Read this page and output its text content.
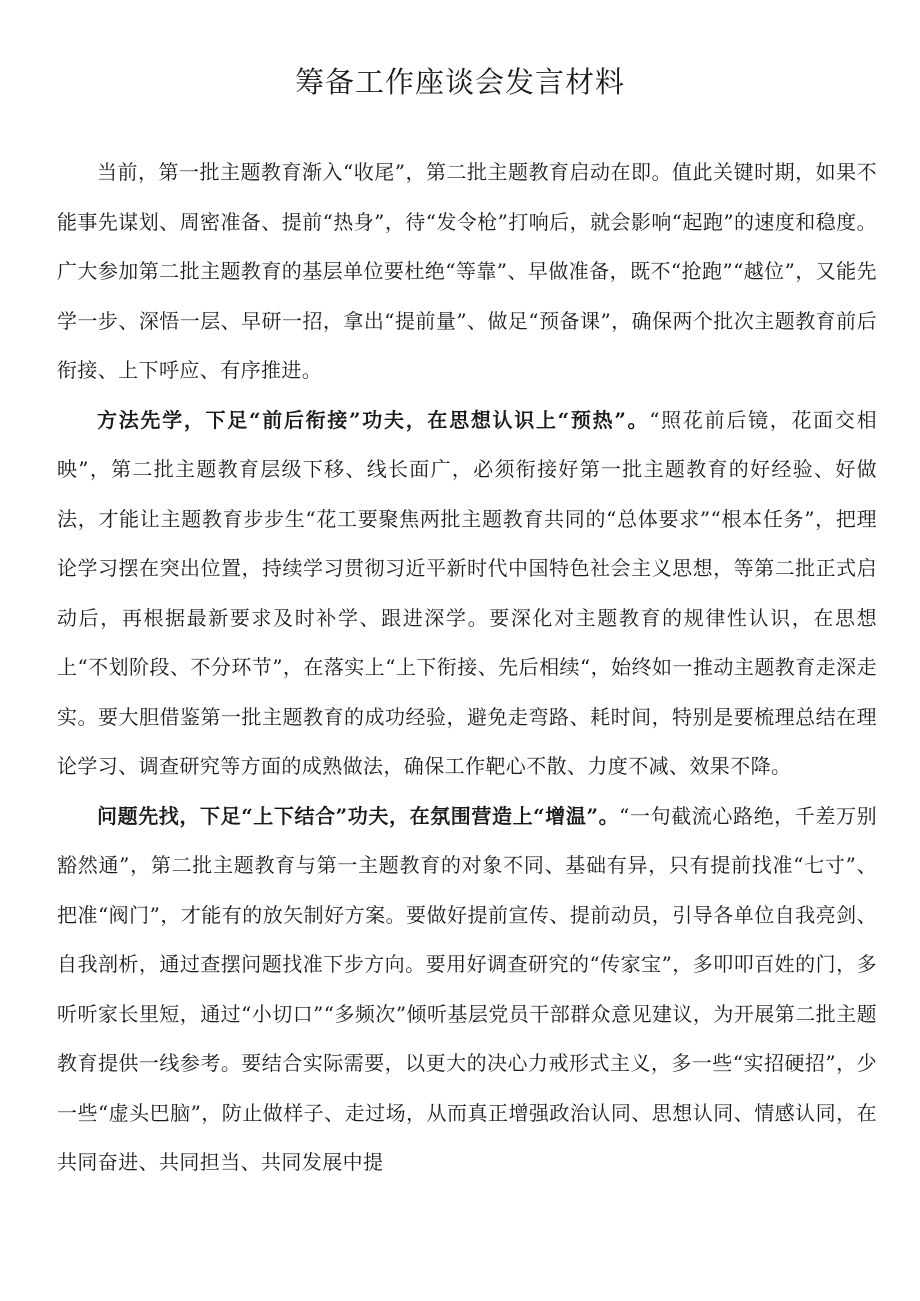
筹备工作座谈会发言材料

当前，第一批主题教育渐入“收尾”，第二批主题教育启动在即。值此关键时期，如果不能事先谋划、周密准备、提前“热身”，待“发令枪”打响后，就会影响“起跑”的速度和稳度。广大参加第二批主题教育的基层单位要杜绝“等靠”、早做准备，既不“抢跑”“越位”，又能先学一步、深悟一层、早研一招，拿出“提前量”、做足“预备课”，确保两个批次主题教育前后衔接、上下呼应、有序推进。

方法先学，下足“前后衔接”功夫，在思想认识上“预热”。“照花前后镜，花面交相映”，第二批主题教育层级下移、线长面广，必须衔接好第一批主题教育的好经验、好做法，才能让主题教育步步生“花工要聚焦两批主题教育共同的“总体要求”“根本任务”，把理论学习摆在突出位置，持续学习贯彻习近平新时代中国特色社会主义思想，等第二批正式启动后，再根据最新要求及时补学、跟进深学。要深化对主题教育的规律性认识，在思想上“不划阶段、不分环节”，在落实上“上下衔接、先后相续“，始终如一推动主题教育走深走实。要大胆借鉴第一批主题教育的成功经验，避免走弯路、耗时间，特别是要梳理总结在理论学习、调查研究等方面的成熟做法，确保工作靶心不散、力度不减、效果不降。

问题先找，下足“上下结合”功夫，在氛围营造上“增温”。“一句截流心路绝，千差万别豁然通”，第二批主题教育与第一主题教育的对象不同、基础有异，只有提前找准“七寸”、把准“阀门”，才能有的放矢制好方案。要做好提前宣传、提前动员，引导各单位自我亮剑、自我剖析，通过查摆问题找准下步方向。要用好调查研究的“传家宝”，多叩叩百姓的门，多听听家长里短，通过“小切口”“多频次”倾听基层党员干部群众意见建议，为开展第二批主题教育提供一线参考。要结合实际需要，以更大的决心力戒形式主义，多一些“实招硬招”，少一些“虚头巴脑”，防止做样子、走过场，从而真正增强政治认同、思想认同、情感认同，在共同奋进、共同担当、共同发展中提
